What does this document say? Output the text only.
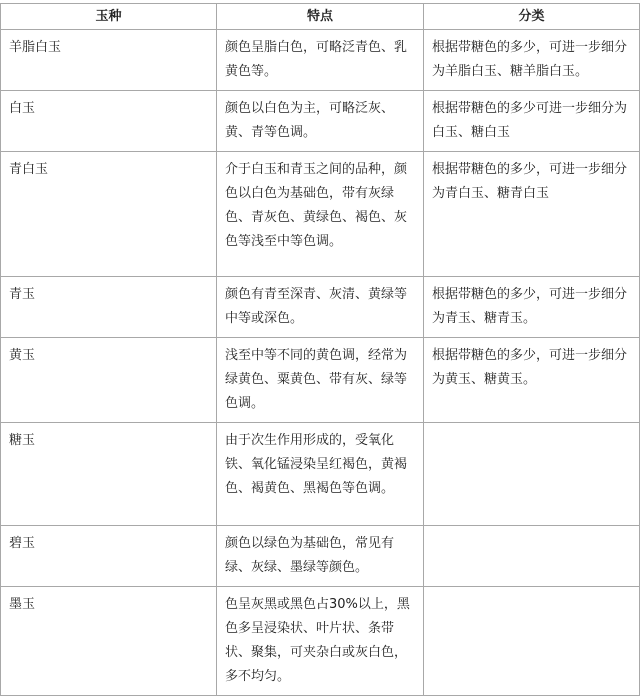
玉种	特点	分类
羊脂白玉	颜色呈脂白色，可略泛青色、乳黄色等。	根据带糖色的多少，可进一步细分为羊脂白玉、糖羊脂白玉。
白玉	颜色以白色为主，可略泛灰、黄、青等色调。	根据带糖色的多少可进一步细分为白玉、糖白玉
青白玉	介于白玉和青玉之间的品种，颜色以白色为基础色，带有灰绿色、青灰色、黄绿色、褐色、灰色等浅至中等色调。	根据带糖色的多少，可进一步细分为青白玉、糖青白玉
青玉	颜色有青至深青、灰清、黄绿等中等或深色。	根据带糖色的多少，可进一步细分为青玉、糖青玉。
黄玉	浅至中等不同的黄色调，经常为绿黄色、粟黄色、带有灰、绿等色调。	根据带糖色的多少，可进一步细分为黄玉、糖黄玉。
糖玉	由于次生作用形成的，受氧化铁、氧化锰浸染呈红褐色，黄褐色、褐黄色、黑褐色等色调。	
碧玉	颜色以绿色为基础色，常见有绿、灰绿、墨绿等颜色。	
墨玉	色呈灰黑或黑色占30%以上，黑色多呈浸染状、叶片状、条带状、聚集，可夹杂白或灰白色，多不均匀。	
